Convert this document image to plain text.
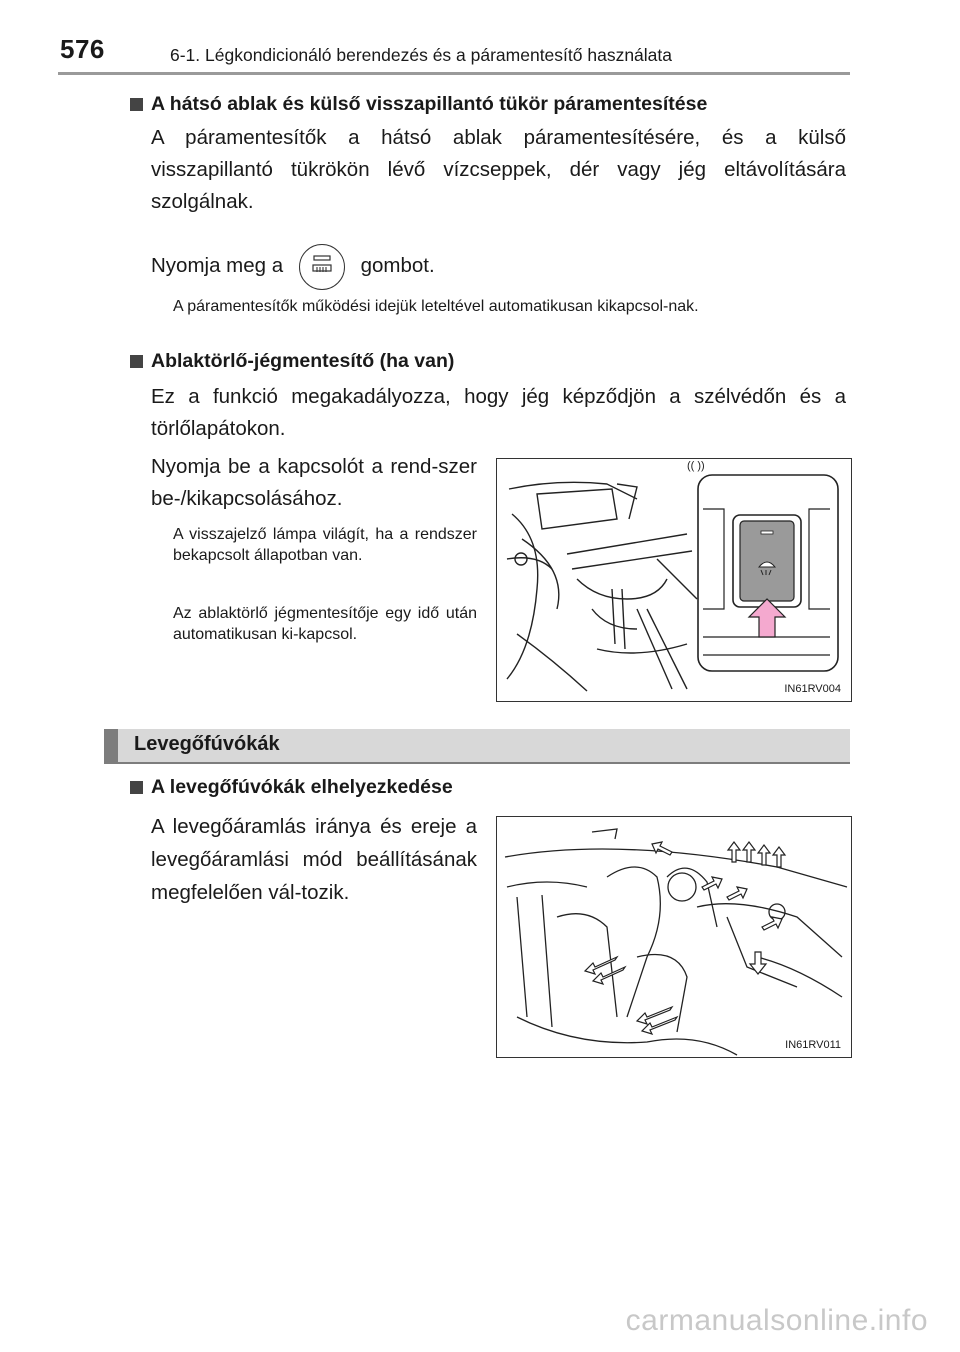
576	6-1. Légkondicionáló berendezés és a páramentesítő használata
A hátsó ablak és külső visszapillantó tükör páramentesítése
A páramentesítők a hátsó ablak páramentesítésére, és a külső visszapillantó tükrökön lévő vízcseppek, dér vagy jég eltávolítására szolgálnak.
Nyomja meg a	gombot.
A páramentesítők működési idejük leteltével automatikusan kikapcsol-nak.
Ablaktörlő-jégmentesítő (ha van)
Ez a funkció megakadályozza, hogy jég képződjön a szélvédőn és a törlőlapátokon.
Nyomja be a kapcsolót a rend-szer be-/kikapcsolásához.
A visszajelző lámpa világít, ha a rendszer bekapcsolt állapotban van.
Az ablaktörlő jégmentesítője egy idő után automatikusan ki-kapcsol.
(( ))
IN61RV004
Levegőfúvókák
A levegőfúvókák elhelyezkedése
A levegőáramlás iránya és ereje a levegőáramlási mód beállításának megfelelően vál-tozik.
IN61RV011
carmanualsonline.info
